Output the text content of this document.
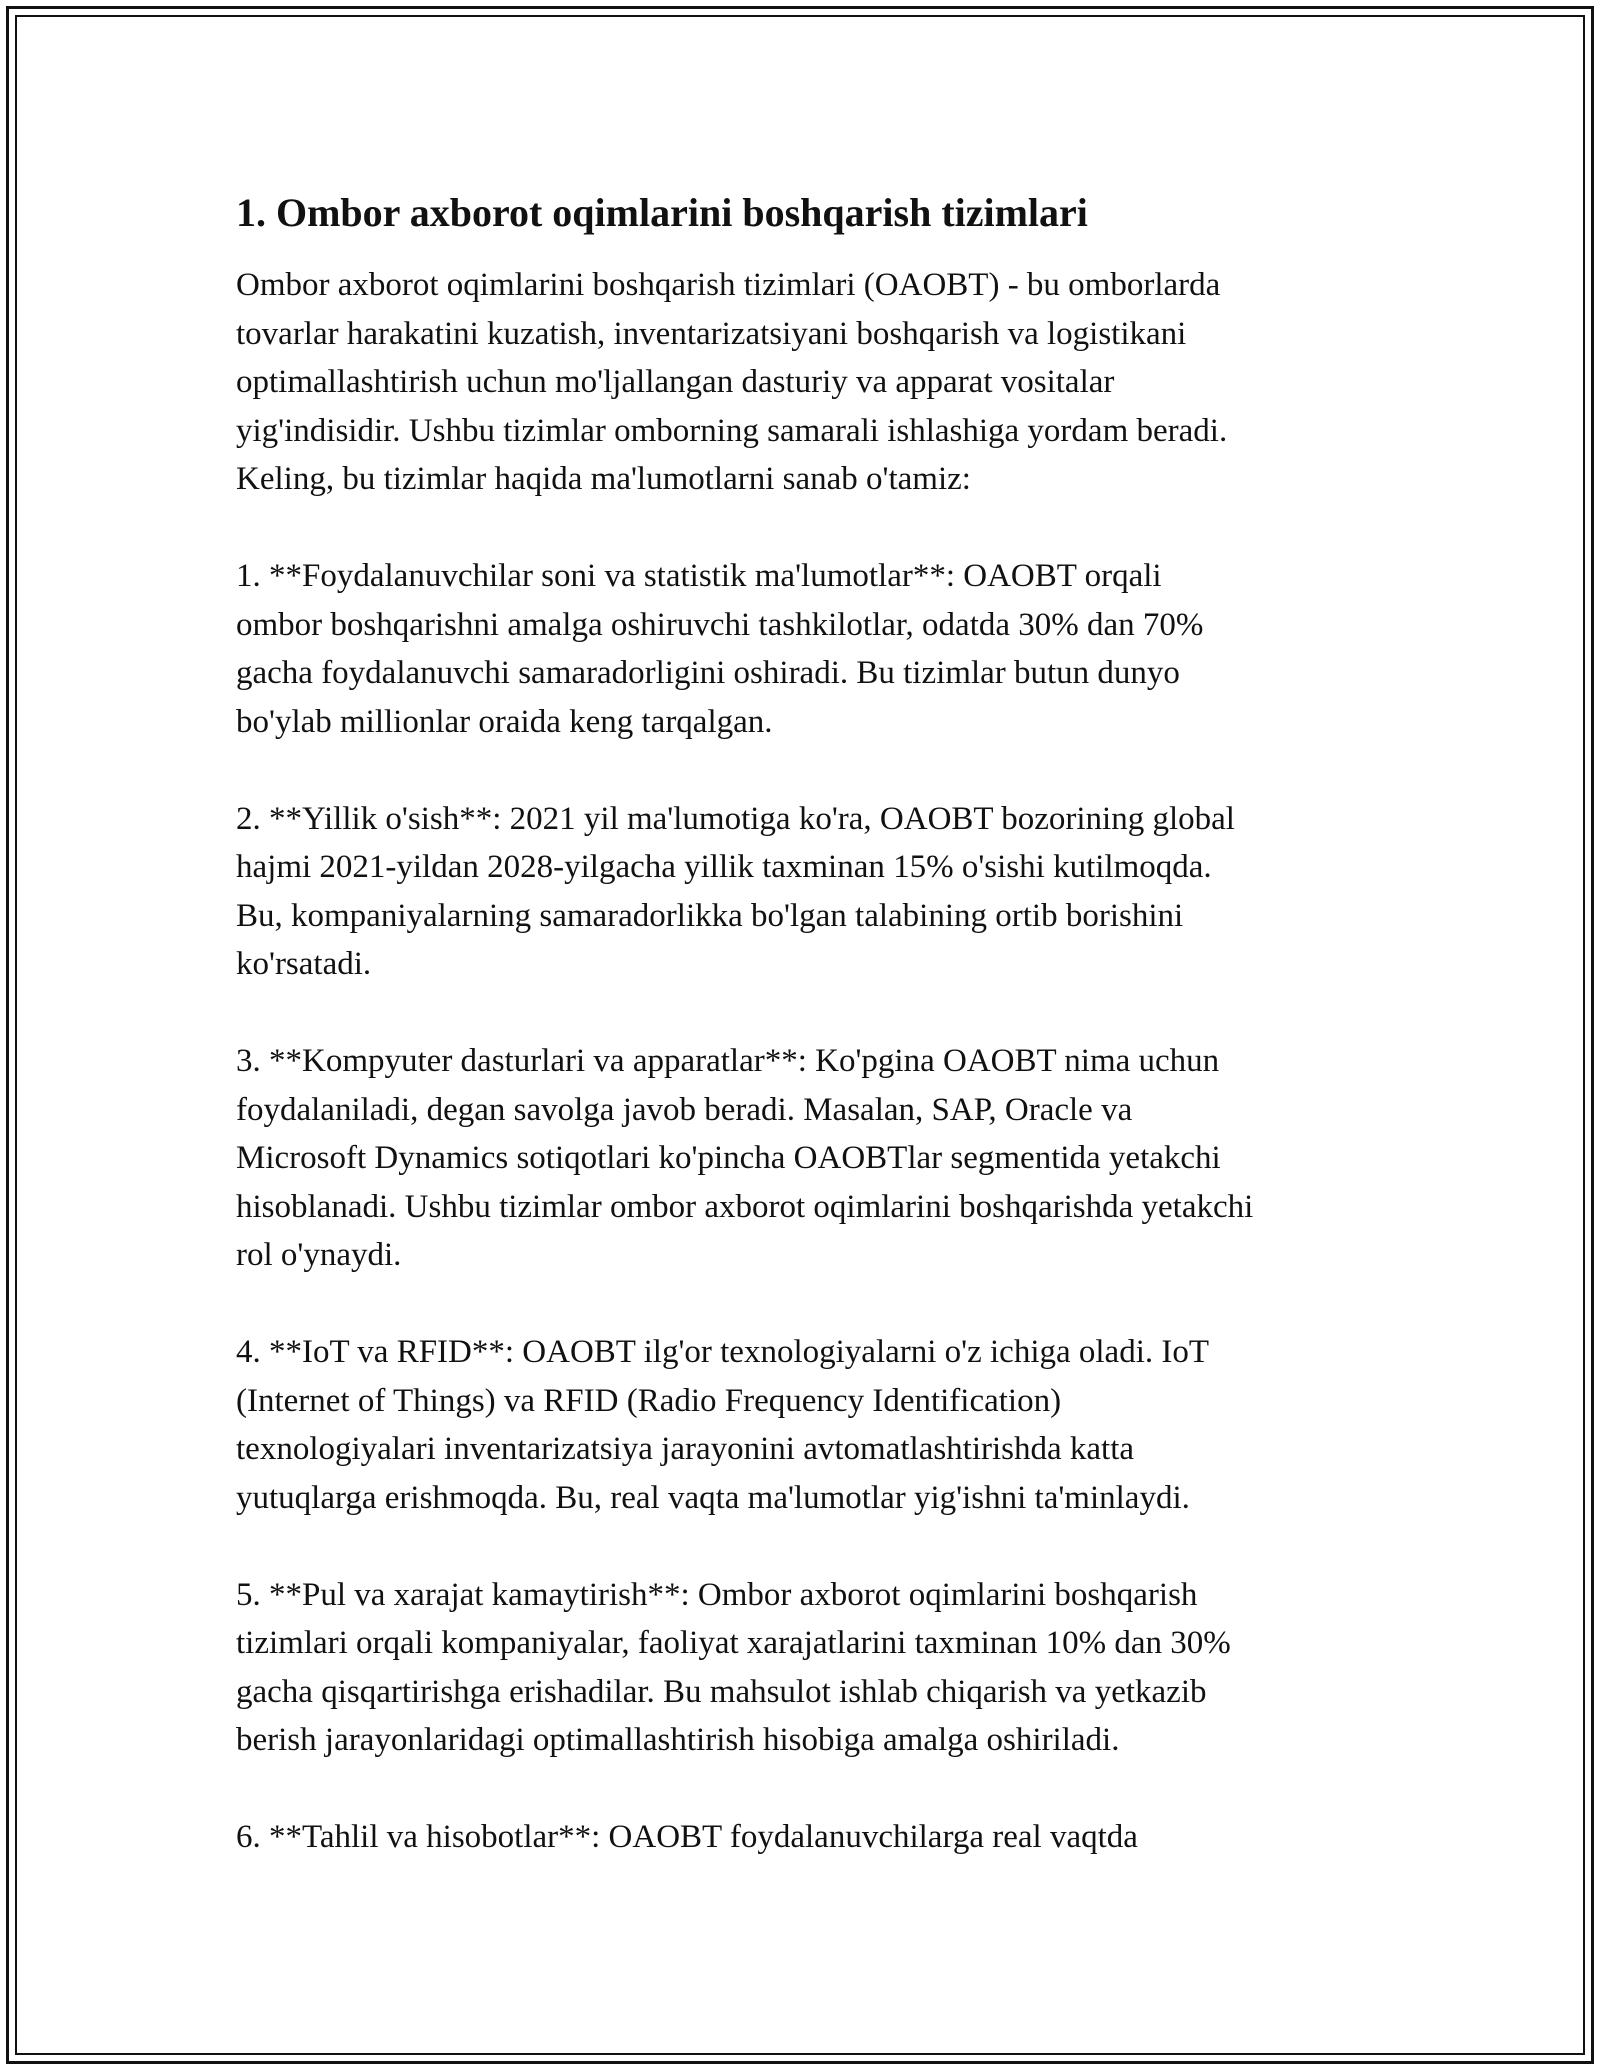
1. Ombor axborot oqimlarini boshqarish tizimlari

Ombor axborot oqimlarini boshqarish tizimlari (OAOBT) - bu omborlarda
tovarlar harakatini kuzatish, inventarizatsiyani boshqarish va logistikani
optimallashtirish uchun mo'ljallangan dasturiy va apparat vositalar
yig'indisidir. Ushbu tizimlar omborning samarali ishlashiga yordam beradi.
Keling, bu tizimlar haqida ma'lumotlarni sanab o'tamiz:

1. **Foydalanuvchilar soni va statistik ma'lumotlar**: OAOBT orqali
ombor boshqarishni amalga oshiruvchi tashkilotlar, odatda 30% dan 70%
gacha foydalanuvchi samaradorligini oshiradi. Bu tizimlar butun dunyo
bo'ylab millionlar oraida keng tarqalgan.

2. **Yillik o'sish**: 2021 yil ma'lumotiga ko'ra, OAOBT bozorining global
hajmi 2021-yildan 2028-yilgacha yillik taxminan 15% o'sishi kutilmoqda.
Bu, kompaniyalarning samaradorlikka bo'lgan talabining ortib borishini
ko'rsatadi.

3. **Kompyuter dasturlari va apparatlar**: Ko'pgina OAOBT nima uchun
foydalaniladi, degan savolga javob beradi. Masalan, SAP, Oracle va
Microsoft Dynamics sotiqotlari ko'pincha OAOBTlar segmentida yetakchi
hisoblanadi. Ushbu tizimlar ombor axborot oqimlarini boshqarishda yetakchi
rol o'ynaydi.

4. **IoT va RFID**: OAOBT ilg'or texnologiyalarni o'z ichiga oladi. IoT
(Internet of Things) va RFID (Radio Frequency Identification)
texnologiyalari inventarizatsiya jarayonini avtomatlashtirishda katta
yutuqlarga erishmoqda. Bu, real vaqta ma'lumotlar yig'ishni ta'minlaydi.

5. **Pul va xarajat kamaytirish**: Ombor axborot oqimlarini boshqarish
tizimlari orqali kompaniyalar, faoliyat xarajatlarini taxminan 10% dan 30%
gacha qisqartirishga erishadilar. Bu mahsulot ishlab chiqarish va yetkazib
berish jarayonlaridagi optimallashtirish hisobiga amalga oshiriladi.

6. **Tahlil va hisobotlar**: OAOBT foydalanuvchilarga real vaqtda
